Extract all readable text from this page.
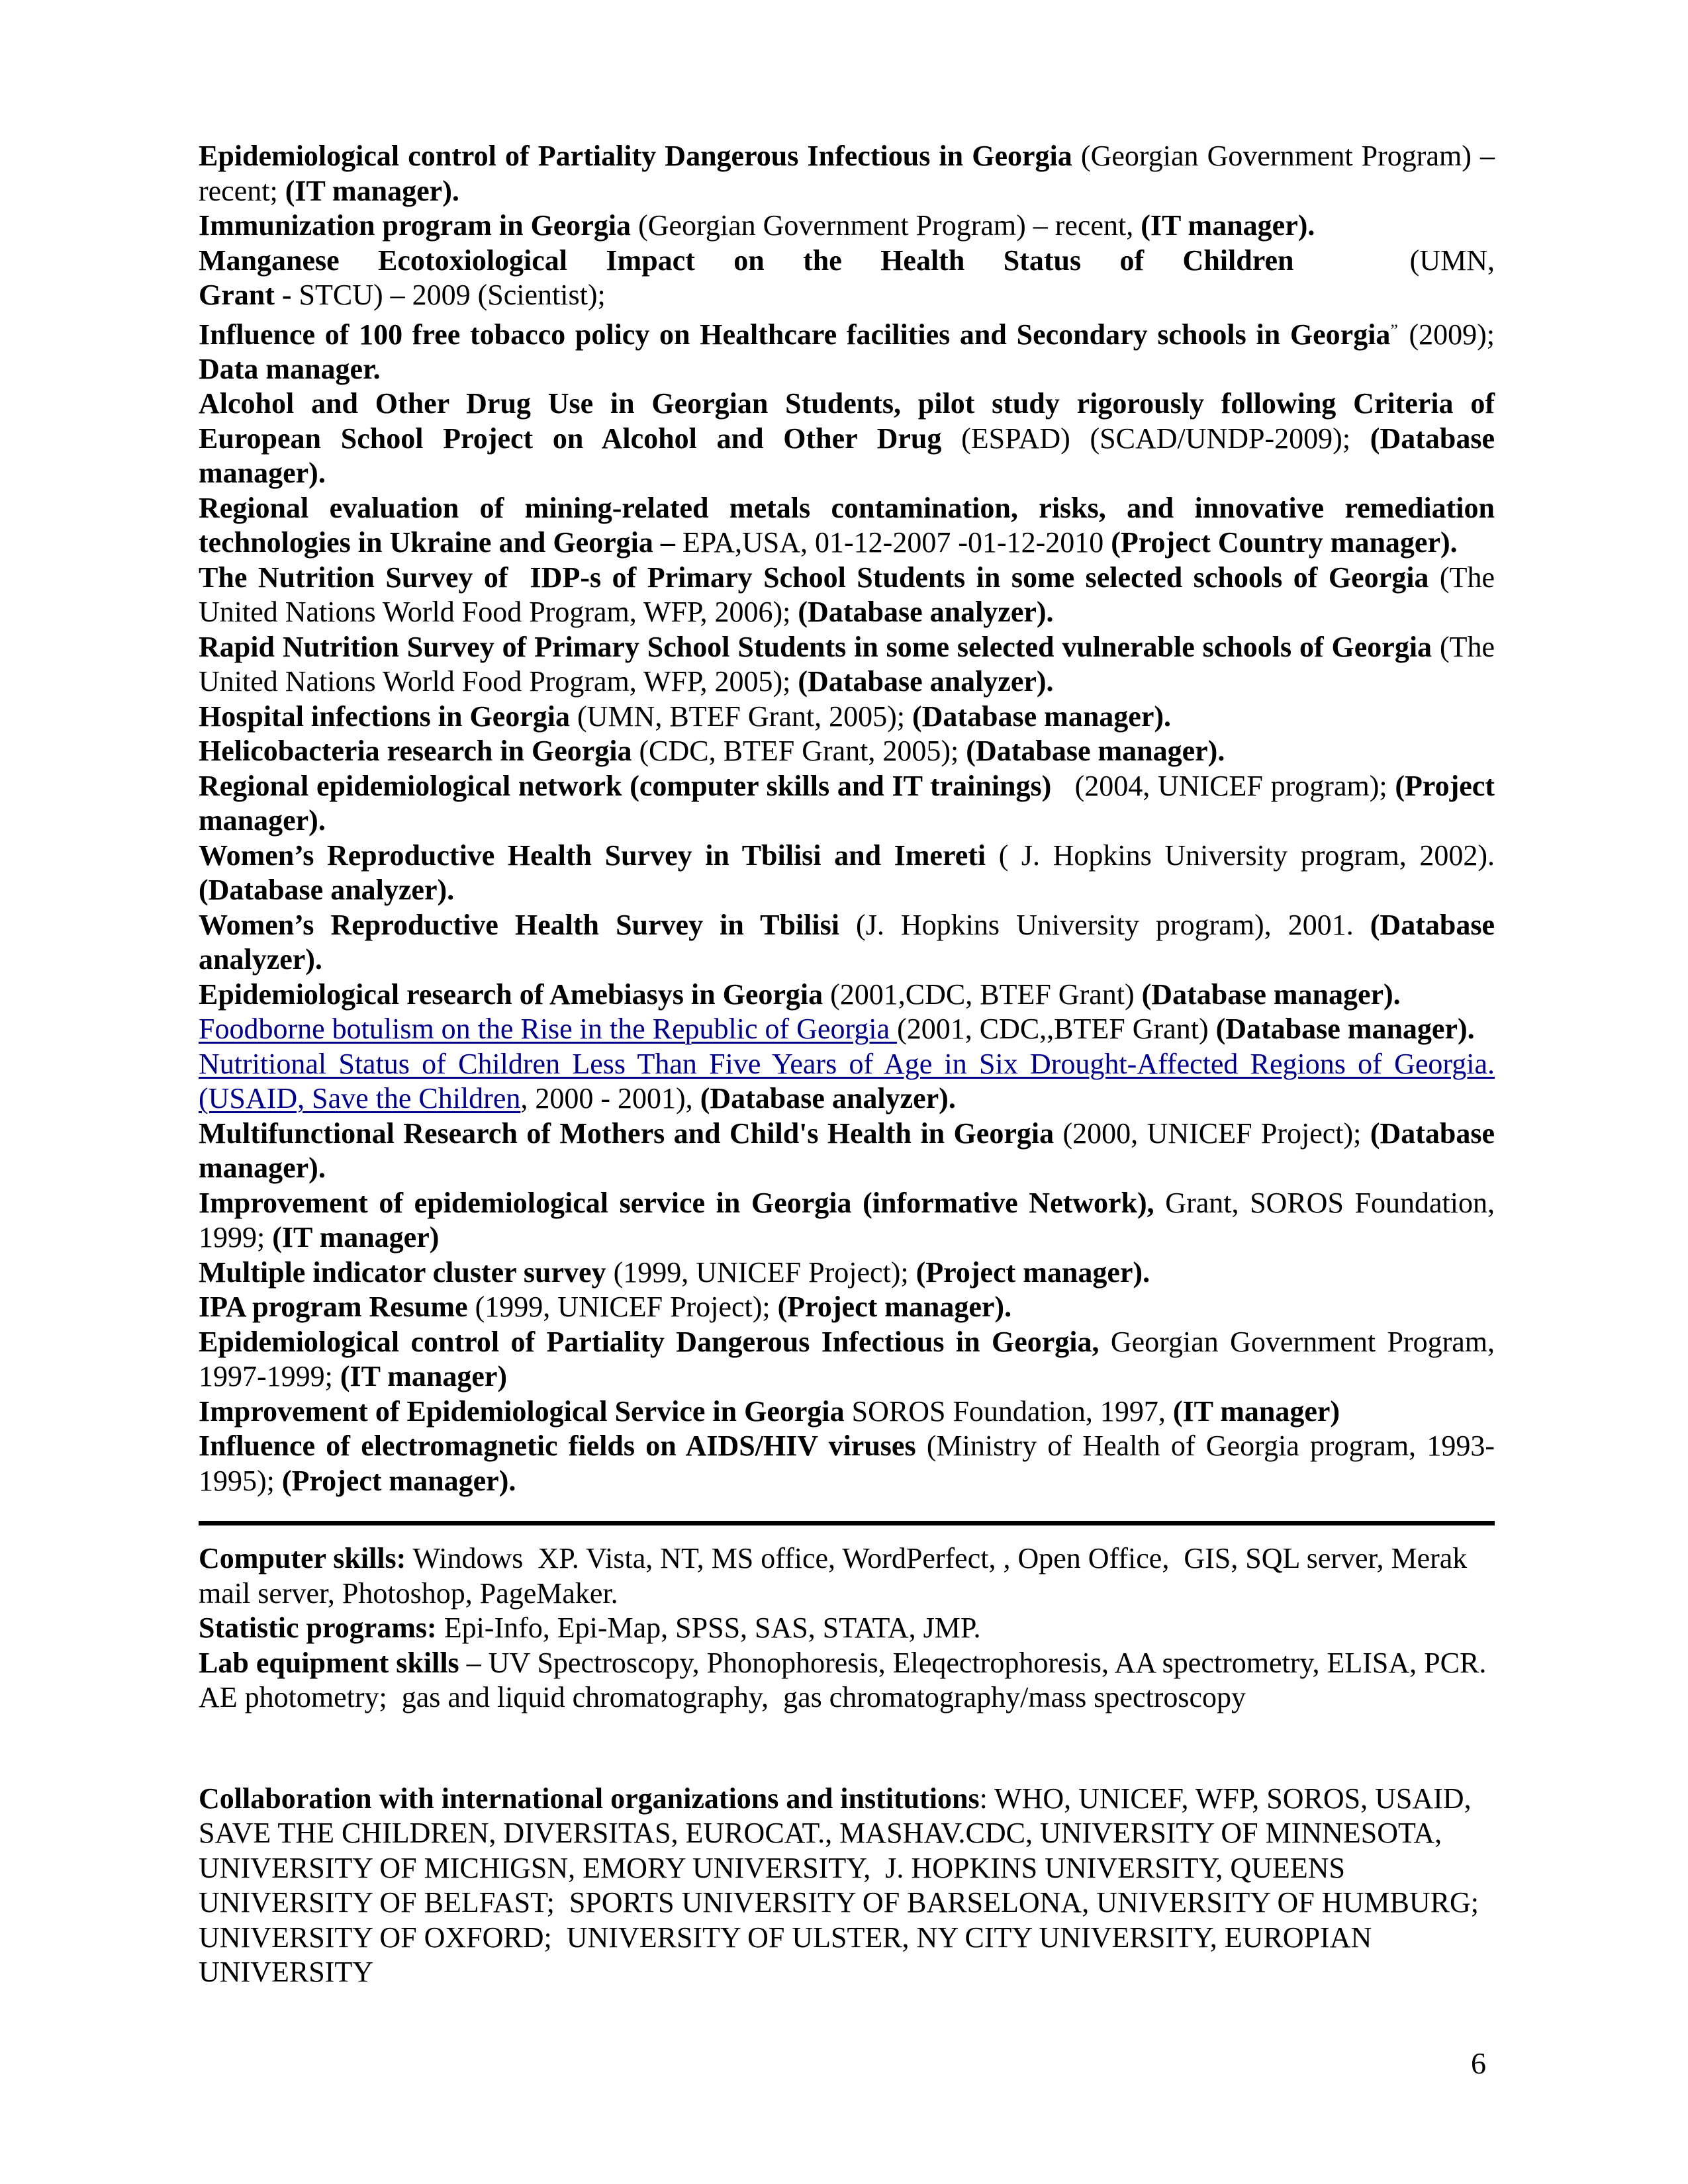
Epidemiological control of Partiality Dangerous Infectious in Georgia (Georgian Government Program) – recent; (IT manager).

Immunization program in Georgia (Georgian Government Program) – recent, (IT manager).

Manganese Ecotoxiological Impact on the Health Status of Children   (UMN,

Grant - STCU) – 2009 (Scientist);

Influence of 100 free tobacco policy on Healthcare facilities and Secondary schools in Georgia” (2009); Data manager.

Alcohol and Other Drug Use in Georgian Students, pilot study rigorously following Criteria of European School Project on Alcohol and Other Drug (ESPAD) (SCAD/UNDP-2009); (Database manager).

Regional evaluation of mining-related metals contamination, risks, and innovative remediation technologies in Ukraine and Georgia – EPA,USA, 01-12-2007 -01-12-2010 (Project Country manager).

The Nutrition Survey of  IDP-s of Primary School Students in some selected schools of Georgia (The United Nations World Food Program, WFP, 2006); (Database analyzer).

Rapid Nutrition Survey of Primary School Students in some selected vulnerable schools of Georgia (The United Nations World Food Program, WFP, 2005); (Database analyzer).

Hospital infections in Georgia (UMN, BTEF Grant, 2005); (Database manager).

Helicobacteria research in Georgia (CDC, BTEF Grant, 2005); (Database manager).

Regional epidemiological network (computer skills and IT trainings)   (2004, UNICEF program); (Project manager).

Women’s Reproductive Health Survey in Tbilisi and Imereti ( J. Hopkins University program, 2002). (Database analyzer).

Women’s Reproductive Health Survey in Tbilisi (J. Hopkins University program), 2001. (Database analyzer).

Epidemiological research of Amebiasys in Georgia (2001,CDC, BTEF Grant) (Database manager).

Foodborne botulism on the Rise in the Republic of Georgia (2001, CDC,,BTEF Grant) (Database manager).

Nutritional Status of Children Less Than Five Years of Age in Six Drought-Affected Regions of Georgia. (USAID, Save the Children, 2000 - 2001), (Database analyzer).

Multifunctional Research of Mothers and Child's Health in Georgia (2000, UNICEF Project); (Database manager).

Improvement of epidemiological service in Georgia (informative Network), Grant, SOROS Foundation, 1999; (IT manager)

Multiple indicator cluster survey (1999, UNICEF Project); (Project manager).

IPA program Resume (1999, UNICEF Project); (Project manager).

Epidemiological control of Partiality Dangerous Infectious in Georgia, Georgian Government Program, 1997-1999; (IT manager)

Improvement of Epidemiological Service in Georgia SOROS Foundation, 1997, (IT manager)

Influence of electromagnetic fields on AIDS/HIV viruses (Ministry of Health of Georgia program, 1993-1995); (Project manager).

Computer skills: Windows  XP. Vista, NT, MS office, WordPerfect, , Open Office,  GIS, SQL server, Merak mail server, Photoshop, PageMaker.

Statistic programs: Epi-Info, Epi-Map, SPSS, SAS, STATA, JMP.

Lab equipment skills – UV Spectroscopy, Phonophoresis, Eleqectrophoresis, AA spectrometry, ELISA, PCR. AE photometry;  gas and liquid chromatography,  gas chromatography/mass spectroscopy

Collaboration with international organizations and institutions: WHO, UNICEF, WFP, SOROS, USAID, SAVE THE CHILDREN, DIVERSITAS, EUROCAT., MASHAV.CDC, UNIVERSITY OF MINNESOTA, UNIVERSITY OF MICHIGSN, EMORY UNIVERSITY,  J. HOPKINS UNIVERSITY, QUEENS UNIVERSITY OF BELFAST;  SPORTS UNIVERSITY OF BARSELONA, UNIVERSITY OF HUMBURG; UNIVERSITY OF OXFORD;  UNIVERSITY OF ULSTER, NY CITY UNIVERSITY, EUROPIAN UNIVERSITY

6
